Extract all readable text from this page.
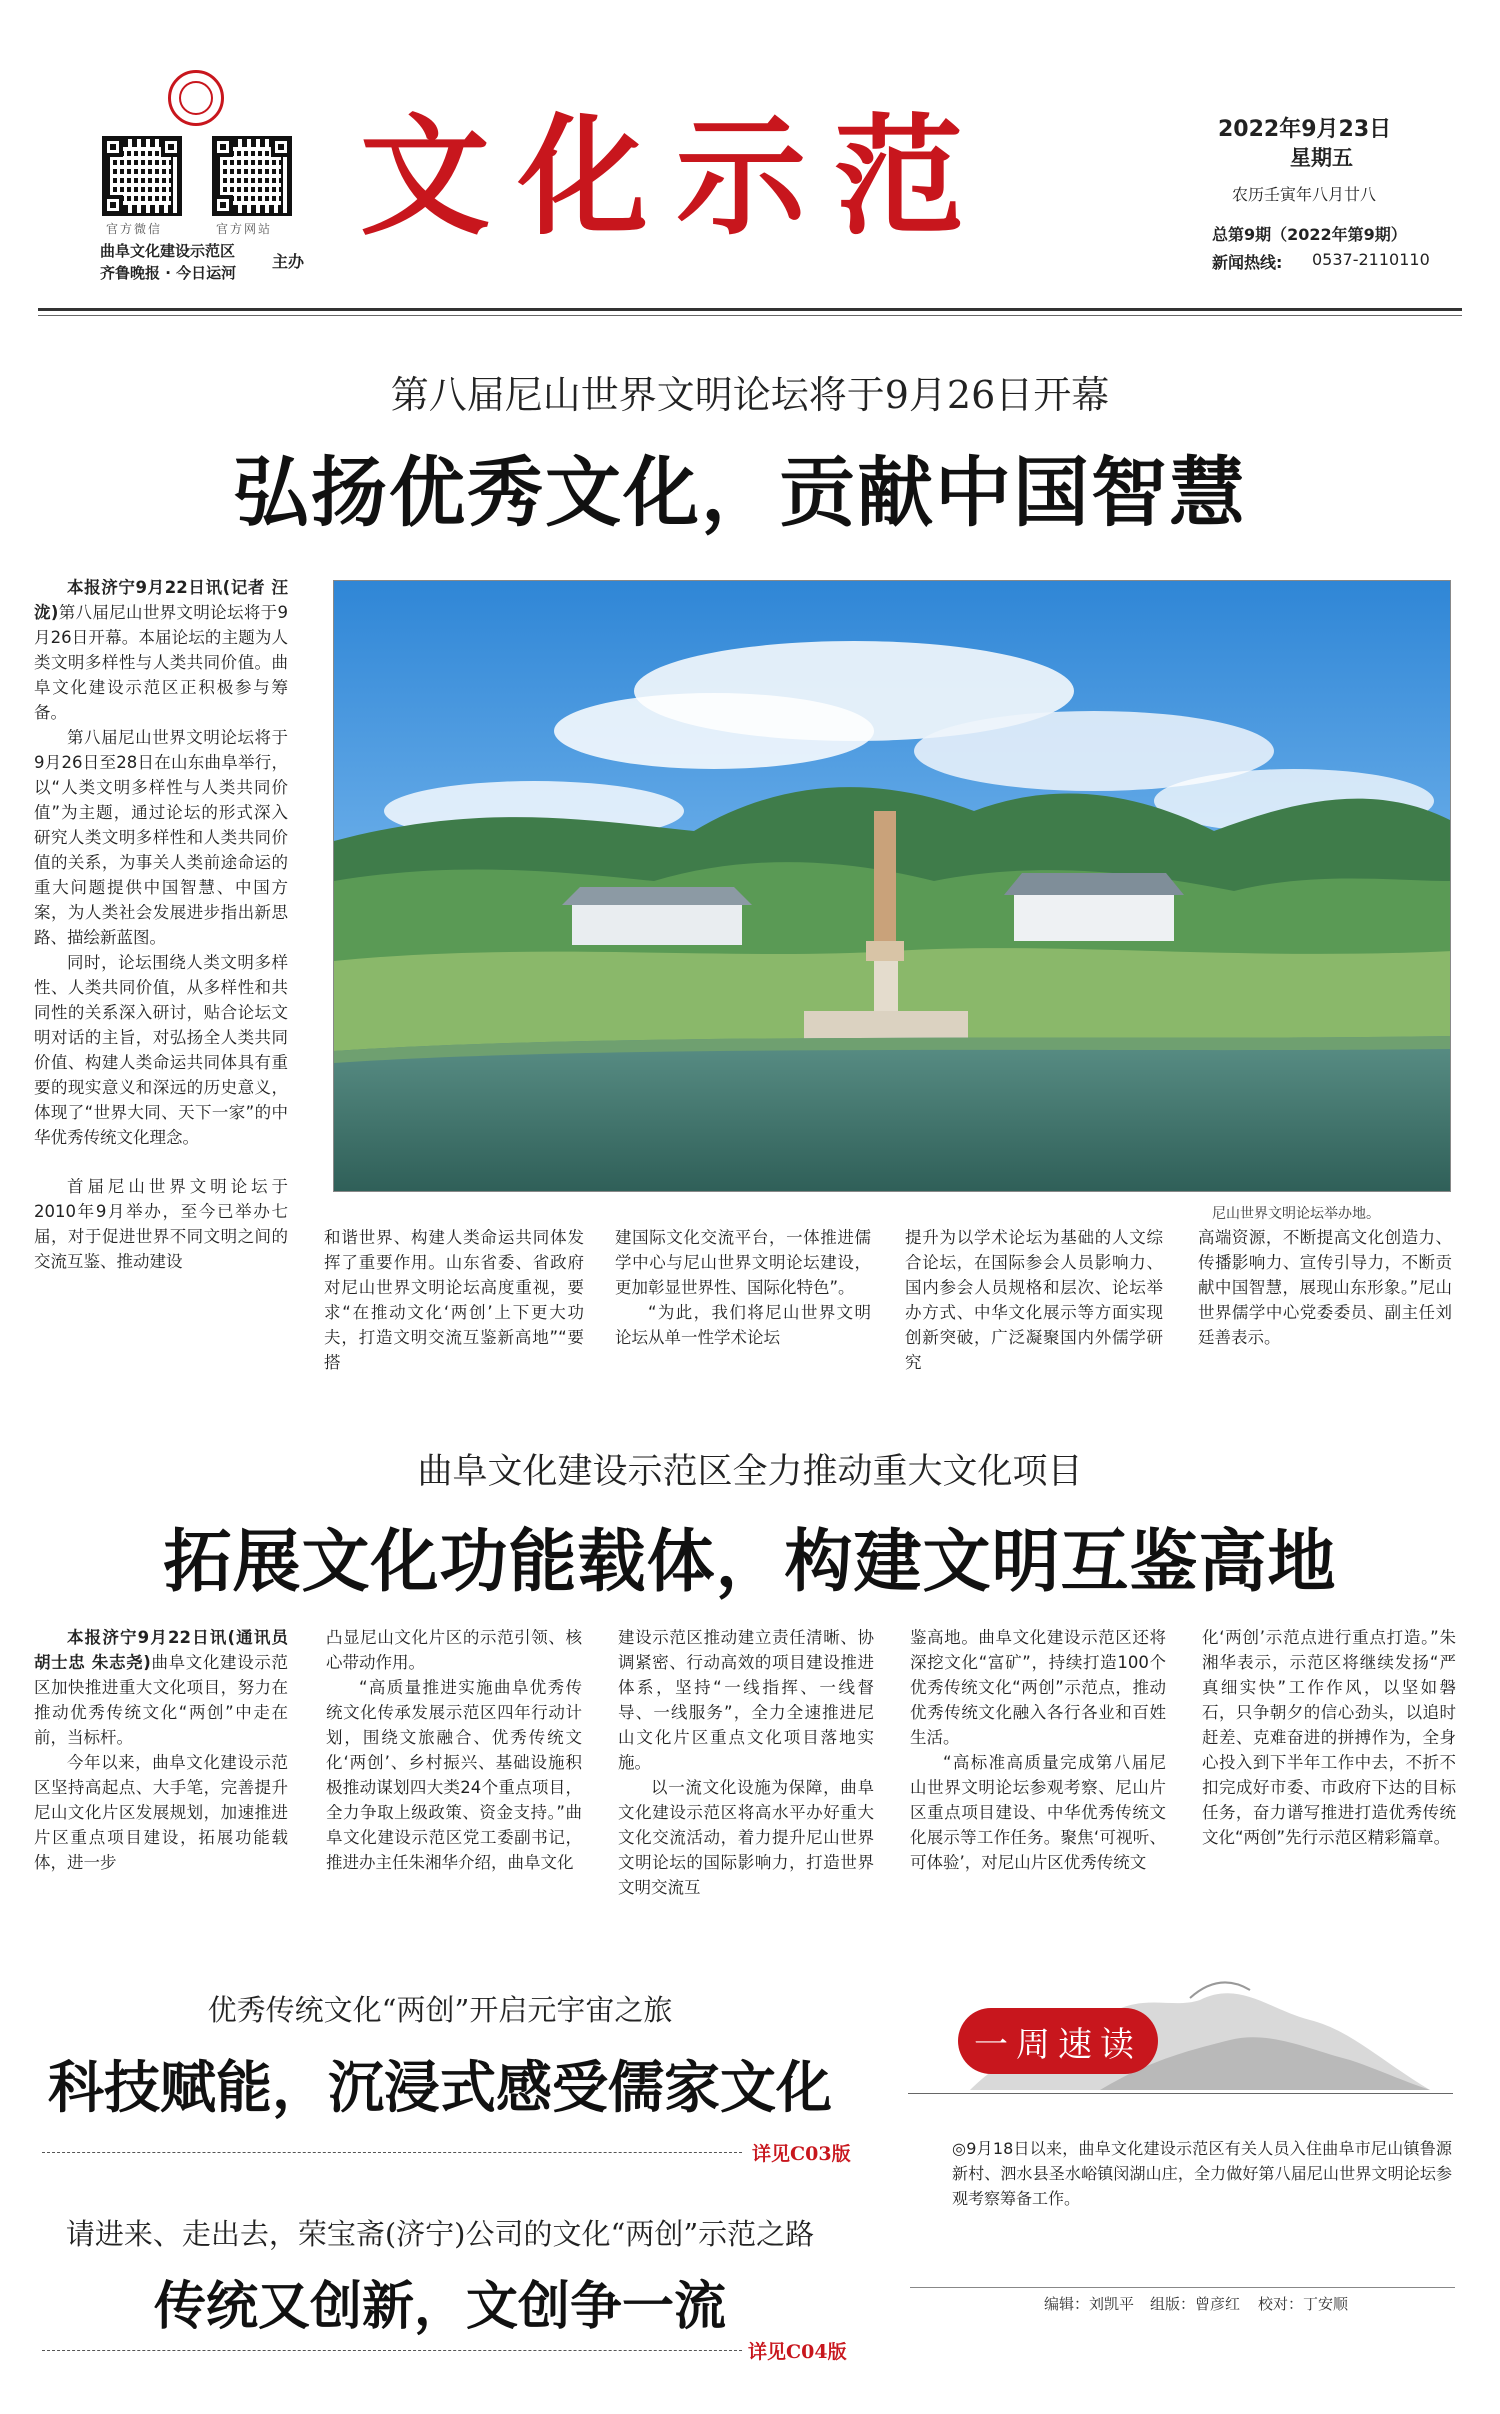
官方微信	官方网站
曲阜文化建设示范区
齐鲁晚报 · 今日运河
主办
文化示范	2022年9月23日
星期五
农历壬寅年八月廿八
总第9期（2022年第9期）
新闻热线: 0537-2110110
第八届尼山世界文明论坛将于9月26日开幕
弘扬优秀文化，贡献中国智慧

本报济宁9月22日讯(记者 汪泷)第八届尼山世界文明论坛将于9月26日开幕。本届论坛的主题为人类文明多样性与人类共同价值。曲阜文化建设示范区正积极参与筹备。

第八届尼山世界文明论坛将于9月26日至28日在山东曲阜举行，以“人类文明多样性与人类共同价值”为主题，通过论坛的形式深入研究人类文明多样性和人类共同价值的关系，为事关人类前途命运的重大问题提供中国智慧、中国方案，为人类社会发展进步指出新思路、描绘新蓝图。

同时，论坛围绕人类文明多样性、人类共同价值，从多样性和共同性的关系深入研讨，贴合论坛文明对话的主旨，对弘扬全人类共同价值、构建人类命运共同体具有重要的现实意义和深远的历史意义，体现了“世界大同、天下一家”的中华优秀传统文化理念。

首届尼山世界文明论坛于2010年9月举办，至今已举办七届，对于促进世界不同文明之间的交流互鉴、推动建设

尼山世界文明论坛举办地。

和谐世界、构建人类命运共同体发挥了重要作用。山东省委、省政府对尼山世界文明论坛高度重视，要求“在推动文化‘两创’上下更大功夫，打造文明交流互鉴新高地”“要搭

建国际文化交流平台，一体推进儒学中心与尼山世界文明论坛建设，更加彰显世界性、国际化特色”。

“为此，我们将尼山世界文明论坛从单一性学术论坛

提升为以学术论坛为基础的人文综合论坛，在国际参会人员影响力、国内参会人员规格和层次、论坛举办方式、中华文化展示等方面实现创新突破，广泛凝聚国内外儒学研究

高端资源，不断提高文化创造力、传播影响力、宣传引导力，不断贡献中国智慧，展现山东形象。”尼山世界儒学中心党委委员、副主任刘廷善表示。

曲阜文化建设示范区全力推动重大文化项目
拓展文化功能载体，构建文明互鉴高地

本报济宁9月22日讯(通讯员 胡士忠 朱志尧)曲阜文化建设示范区加快推进重大文化项目，努力在推动优秀传统文化“两创”中走在前，当标杆。

今年以来，曲阜文化建设示范区坚持高起点、大手笔，完善提升尼山文化片区发展规划，加速推进片区重点项目建设，拓展功能载体，进一步

凸显尼山文化片区的示范引领、核心带动作用。

“高质量推进实施曲阜优秀传统文化传承发展示范区四年行动计划，围绕文旅融合、优秀传统文化‘两创’、乡村振兴、基础设施积极推动谋划四大类24个重点项目，全力争取上级政策、资金支持。”曲阜文化建设示范区党工委副书记，推进办主任朱湘华介绍，曲阜文化

建设示范区推动建立责任清晰、协调紧密、行动高效的项目建设推进体系，坚持“一线指挥、一线督导、一线服务”，全力全速推进尼山文化片区重点文化项目落地实施。

以一流文化设施为保障，曲阜文化建设示范区将高水平办好重大文化交流活动，着力提升尼山世界文明论坛的国际影响力，打造世界文明交流互

鉴高地。曲阜文化建设示范区还将深挖文化“富矿”，持续打造100个优秀传统文化“两创”示范点，推动优秀传统文化融入各行各业和百姓生活。

“高标准高质量完成第八届尼山世界文明论坛参观考察、尼山片区重点项目建设、中华优秀传统文化展示等工作任务。聚焦‘可视听、可体验’，对尼山片区优秀传统文

化‘两创’示范点进行重点打造。”朱湘华表示，示范区将继续发扬“严真细实快”工作作风，以坚如磐石，只争朝夕的信心劲头，以追时赶差、克难奋进的拼搏作为，全身心投入到下半年工作中去，不折不扣完成好市委、市政府下达的目标任务，奋力谱写推进打造优秀传统文化“两创”先行示范区精彩篇章。

优秀传统文化“两创”开启元宇宙之旅
科技赋能，沉浸式感受儒家文化
详见C03版
请进来、走出去，荣宝斋(济宁)公司的文化“两创”示范之路
传统又创新，文创争一流
详见C04版
一周速读

◎9月18日以来，曲阜文化建设示范区有关人员入住曲阜市尼山镇鲁源新村、泗水县圣水峪镇闵湖山庄，全力做好第八届尼山世界文明论坛参观考察筹备工作。

编辑：刘凯平 组版：曾彦红 校对：丁安顺
